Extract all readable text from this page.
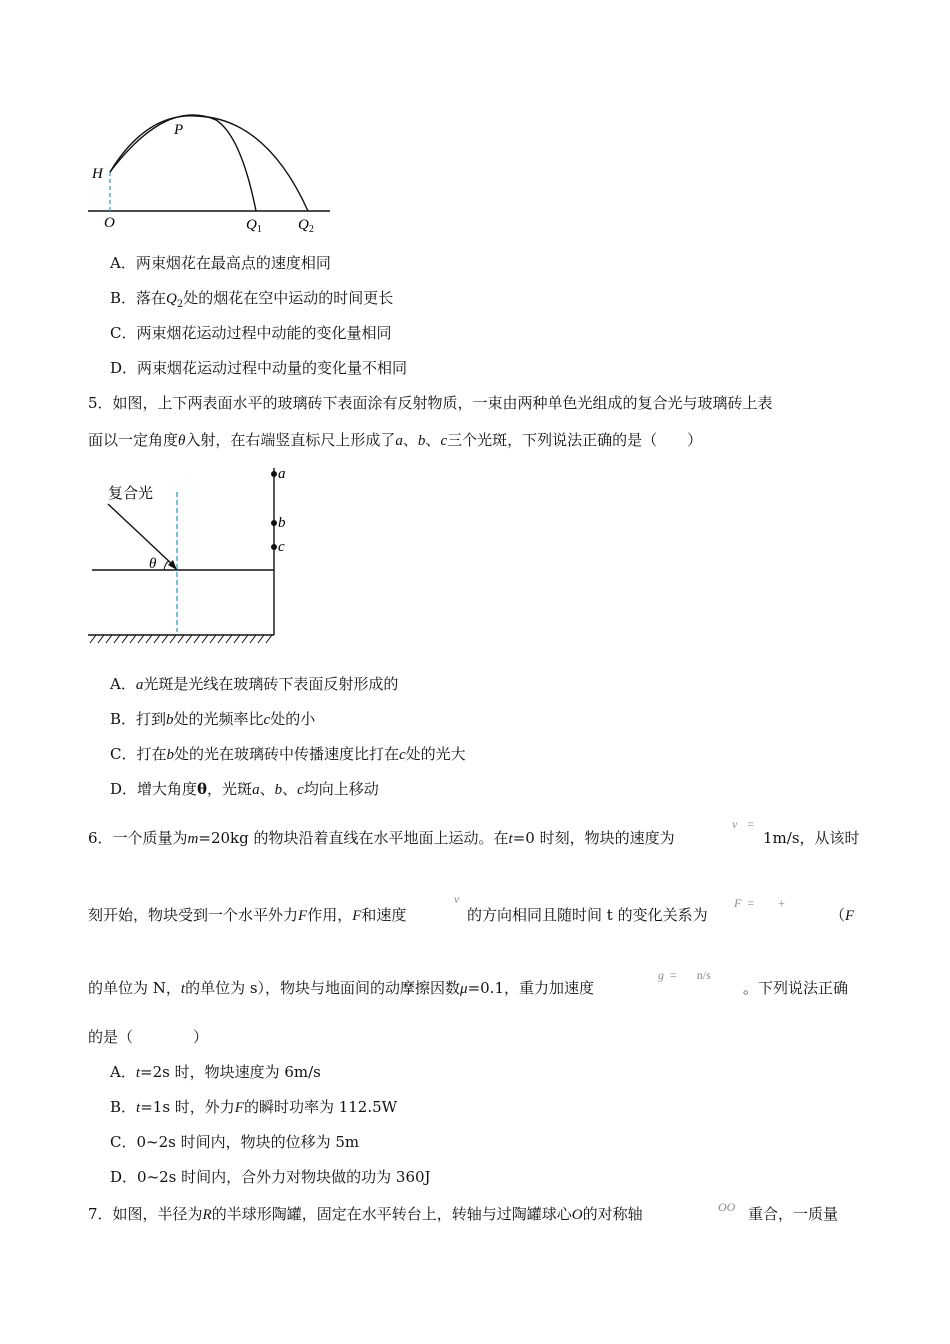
H
P
O	$Q_1$ $Q_2$
A．两束烟花在最高点的速度相同
B．落在$Q_2$处的烟花在空中运动的时间更长
C．两束烟花运动过程中动能的变化量相同
D．两束烟花运动过程中动量的变化量不相同
5．如图，上下两表面水平的玻璃砖下表面涂有反射物质，一束由两种单色光组成的复合光与玻璃砖上表
面以一定角度θ入射，在右端竖直标尺上形成了a、b、c三个光斑，下列说法正确的是（　　）
复合光
θ
a
b
c
A．a光斑是光线在玻璃砖下表面反射形成的
B．打到b处的光频率比c处的小
C．打在b处的光在玻璃砖中传播速度比打在c处的光大
D．增大角度θ，光斑a、b、c均向上移动
6．一个质量为m=20kg 的物块沿着直线在水平地面上运动。在t=0 时刻，物块的速度为
v =
1m/s，从该时
刻开始，物块受到一个水平外力F作用，F和速度
v
的方向相同且随时间 t 的变化关系为
F = +
（F
的单位为 N，t的单位为 s），物块与地面间的动摩擦因数μ=0.1，重力加速度
g = n/s
。下列说法正确
的是（　　　　）
A．t=2s 时，物块速度为 6m/s
B．t=1s 时，外力F的瞬时功率为 112.5W
C．0~2s 时间内，物块的位移为 5m
D．0~2s 时间内，合外力对物块做的功为 360J
7．如图，半径为R的半球形陶罐，固定在水平转台上，转轴与过陶罐球心O的对称轴	OO 重合，一质量
